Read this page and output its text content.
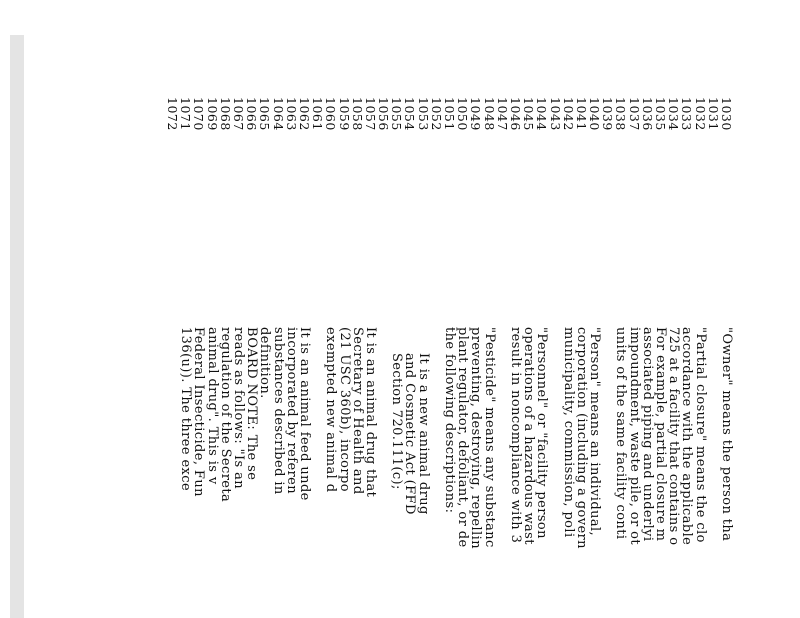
1030
1031
1032
1033
1034
1035
1036
1037
1038
1039
1040
1041
1042
1043
1044
1045
1046
1047
1048
1049
1050
1051
1052
1053
1054
1055
1056
1057
1058
1059
1060
1061
1062
1063
1064
1065
1066
1067
1068
1069
1070
1071
1072
"Owner" means the person tha
"Partial closure" means the clo
accordance with the applicable
725 at a facility that contains o
For example, partial closure m
associated piping and underlyi
impoundment, waste pile, or ot
units of the same facility conti
"Person" means an individual,
corporation (including a govern
municipality, commission, poli
"Personnel" or "facility person
operations of a hazardous wast
result in noncompliance with 3
"Pesticide" means any substanc
preventing, destroying, repellin
plant regulator, defoliant, or de
the following descriptions:
It is a new animal drug
and Cosmetic Act (FFD
Section 720.111(c);
It is an animal drug that
Secretary of Health and
(21 USC 360b), incorpo
exempted new animal d
It is an animal feed unde
incorporated by referen
substances described in
definition.
BOARD NOTE: The se
reads as follows: "Is an
regulation of the Secreta
animal drug". This is v
Federal Insecticide, Fun
136(u)). The three exce
